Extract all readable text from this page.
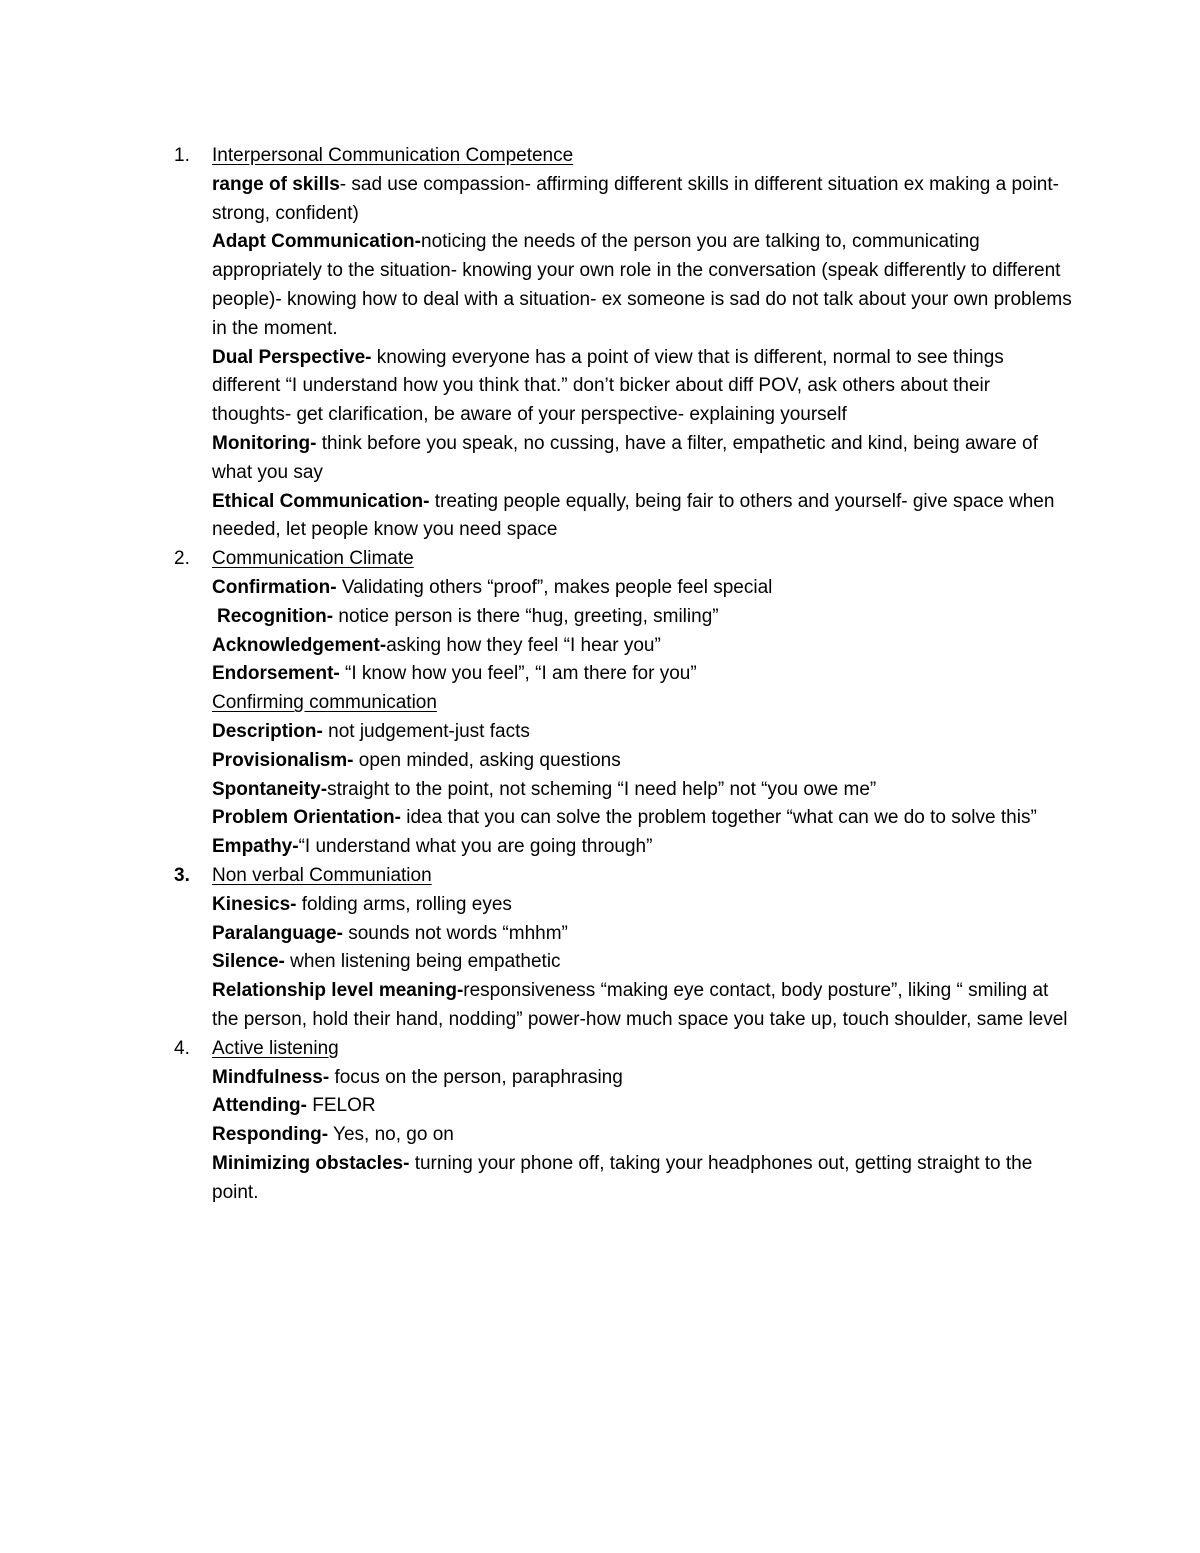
1. Interpersonal Communication Competence
range of skills- sad use compassion- affirming different skills in different situation ex making a point- strong, confident)
Adapt Communication-noticing the needs of the person you are talking to, communicating appropriately to the situation- knowing your own role in the conversation (speak differently to different people)- knowing how to deal with a situation- ex someone is sad do not talk about your own problems in the moment.
Dual Perspective- knowing everyone has a point of view that is different, normal to see things different “I understand how you think that.” don’t bicker about diff POV, ask others about their thoughts- get clarification, be aware of your perspective- explaining yourself
Monitoring- think before you speak, no cussing, have a filter, empathetic and kind, being aware of what you say
Ethical Communication- treating people equally, being fair to others and yourself- give space when needed, let people know you need space
2. Communication Climate
Confirmation- Validating others “proof”, makes people feel special
Recognition- notice person is there “hug, greeting, smiling”
Acknowledgement-asking how they feel “I hear you”
Endorsement- “I know how you feel”, “I am there for you”
Confirming communication
Description- not judgement-just facts
Provisionalism- open minded, asking questions
Spontaneity-straight to the point, not scheming “I need help” not “you owe me”
Problem Orientation- idea that you can solve the problem together “what can we do to solve this”
Empathy-“I understand what you are going through”
3. Non verbal Communiation
Kinesics- folding arms, rolling eyes
Paralanguage- sounds not words “mhhm”
Silence- when listening being empathetic
Relationship level meaning-responsiveness “making eye contact, body posture”, liking “ smiling at the person, hold their hand, nodding” power-how much space you take up, touch shoulder, same level
4. Active listening
Mindfulness- focus on the person, paraphrasing
Attending- FELOR
Responding- Yes, no, go on
Minimizing obstacles- turning your phone off, taking your headphones out, getting straight to the point.
